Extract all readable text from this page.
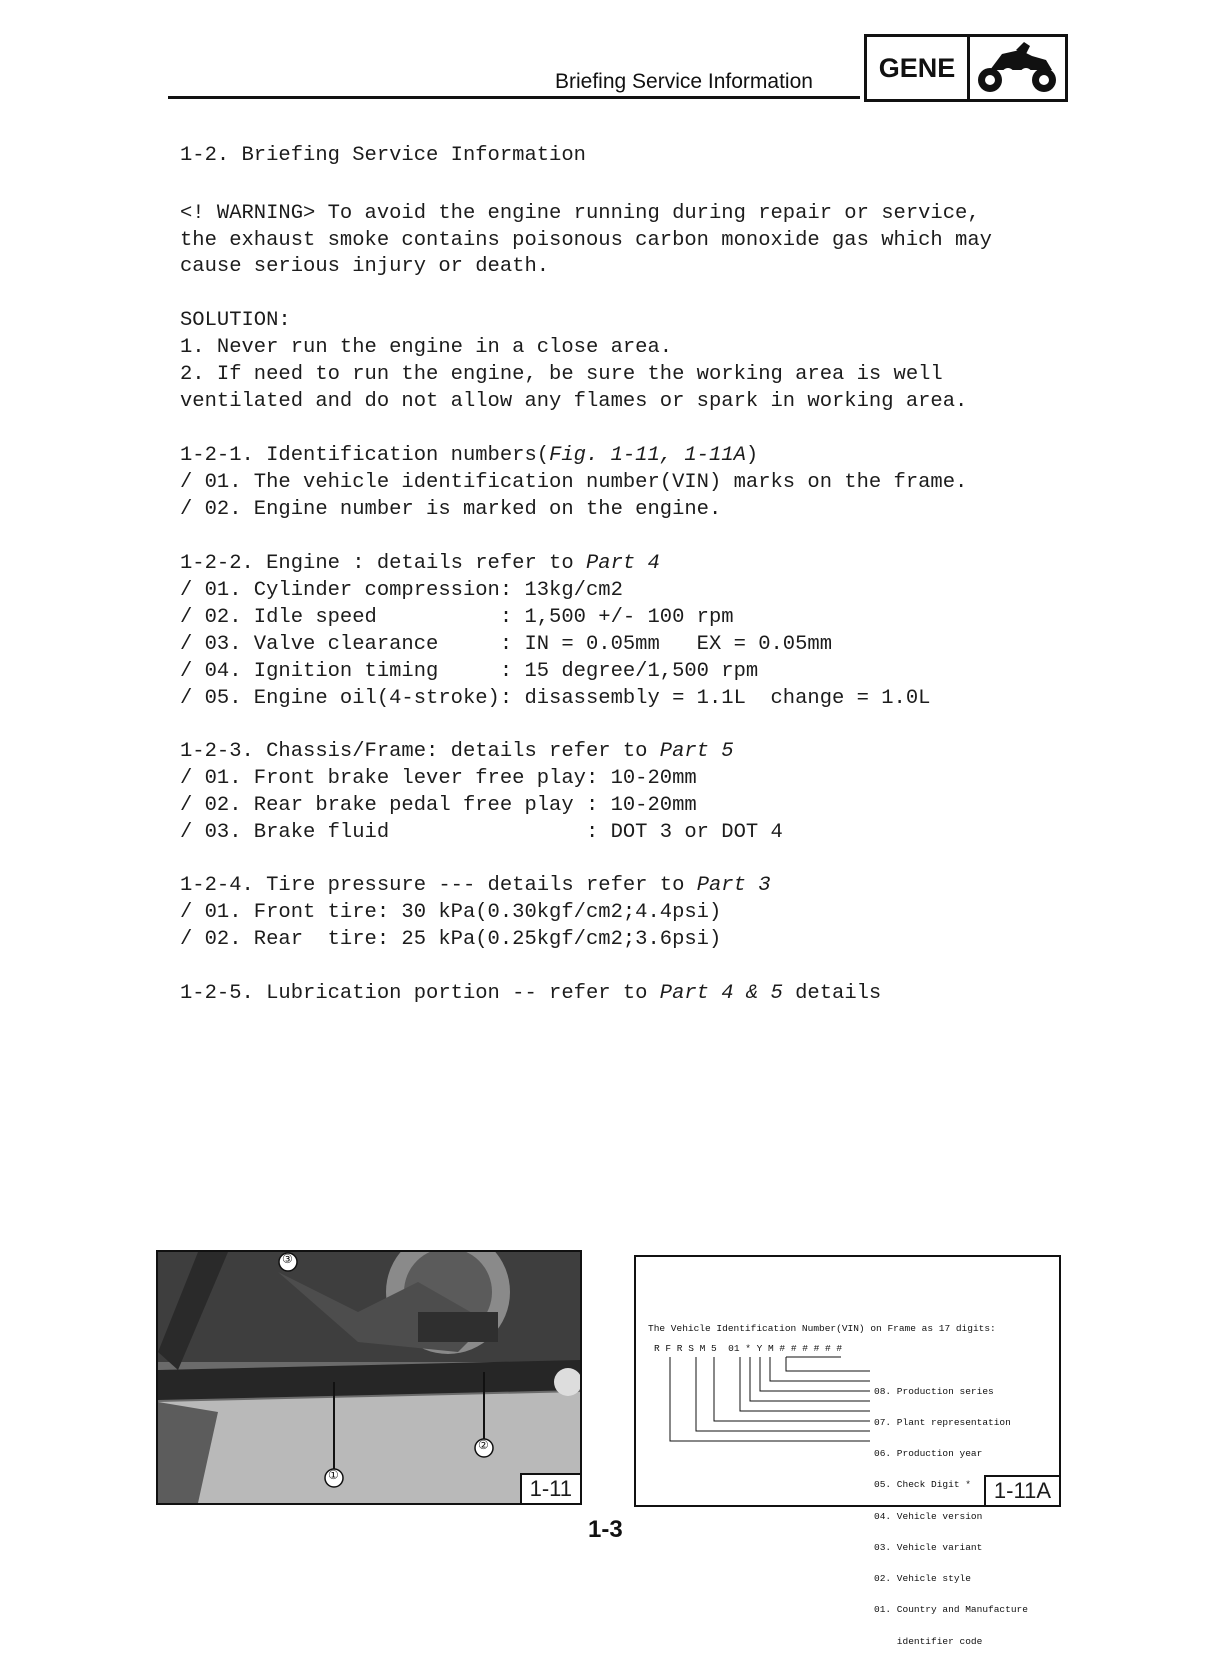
Briefing Service Information	GENE
1-2. Briefing Service Information
<! WARNING> To avoid the engine running during repair or service,
the exhaust smoke contains poisonous carbon monoxide gas which may
cause serious injury or death.
SOLUTION:
1. Never run the engine in a close area.
2. If need to run the engine, be sure the working area is well
ventilated and do not allow any flames or spark in working area.
1-2-1. Identification numbers(Fig. 1-11, 1-11A)
/ 01. The vehicle identification number(VIN) marks on the frame.
/ 02. Engine number is marked on the engine.
1-2-2. Engine : details refer to Part 4
/ 01. Cylinder compression: 13kg/cm2
/ 02. Idle speed          : 1,500 +/- 100 rpm
/ 03. Valve clearance     : IN = 0.05mm   EX = 0.05mm
/ 04. Ignition timing     : 15 degree/1,500 rpm
/ 05. Engine oil(4-stroke): disassembly = 1.1L  change = 1.0L
1-2-3. Chassis/Frame: details refer to Part 5
/ 01. Front brake lever free play: 10-20mm
/ 02. Rear brake pedal free play : 10-20mm
/ 03. Brake fluid                : DOT 3 or DOT 4
1-2-4. Tire pressure --- details refer to Part 3
/ 01. Front tire: 30 kPa(0.30kgf/cm2;4.4psi)
/ 02. Rear  tire: 25 kPa(0.25kgf/cm2;3.6psi)
1-2-5. Lubrication portion -- refer to Part 4 & 5 details
①
②
③
1-11
The Vehicle Identification Number(VIN) on Frame as 17 digits:
R F R S M 5  01 * Y M # # # # # #

08. Production series

07. Plant representation

06. Production year

05. Check Digit *

04. Vehicle version

03. Vehicle variant

02. Vehicle style

01. Country and Manufacture

identifier code

1-11A
1-3
